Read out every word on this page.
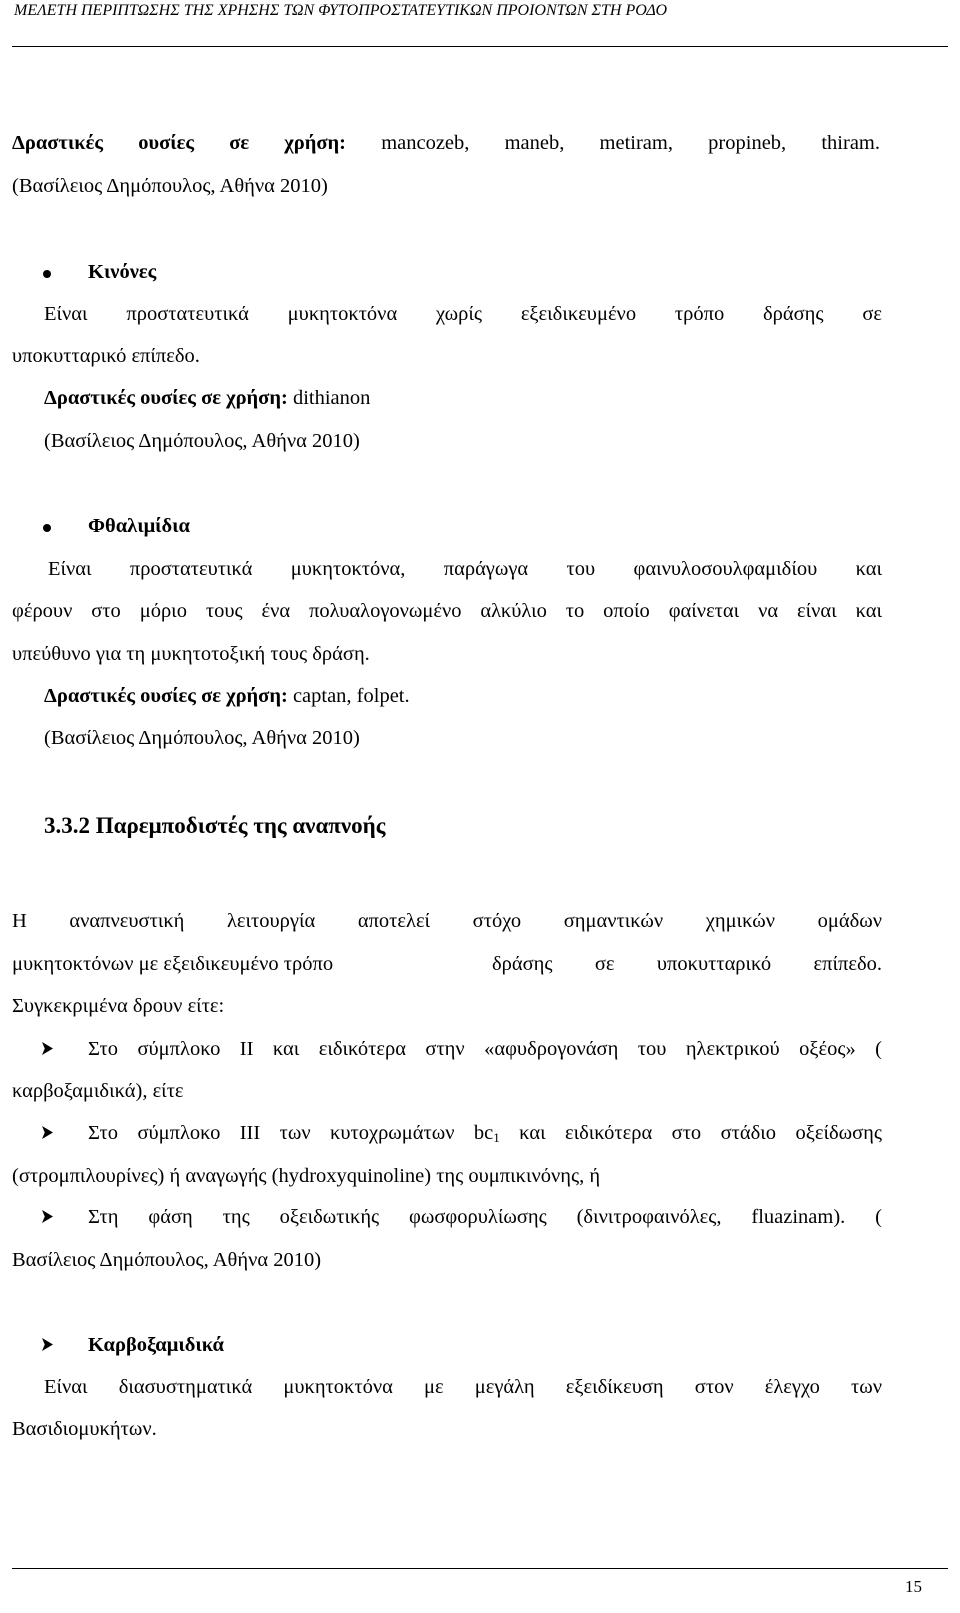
ΜΕΛΕΤΗ ΠΕΡΙΠΤΩΣΗΣ ΤΗΣ ΧΡΗΣΗΣ ΤΩΝ ΦΥΤΟΠΡΟΣΤΑΤΕΥΤΙΚΩΝ ΠΡΟΙΟΝΤΩΝ ΣΤΗ ΡΟΔΟ
Δραστικές ουσίες σε χρήση: mancozeb, maneb, metiram, propineb, thiram.
(Βασίλειος Δημόπουλος, Αθήνα 2010)
Κινόνες
Είναι προστατευτικά μυκητοκτόνα χωρίς εξειδικευμένο τρόπο δράσης σε
υποκυτταρικό επίπεδο.
Δραστικές ουσίες σε χρήση: dithianon
(Βασίλειος Δημόπουλος, Αθήνα 2010)
Φθαλιμίδια
Είναι προστατευτικά μυκητοκτόνα, παράγωγα του φαινυλοσουλφαμιδίου και
φέρουν στο μόριο τους ένα πολυαλογονωμένο αλκύλιο το οποίο φαίνεται να είναι και
υπεύθυνο για τη μυκητοτοξική τους δράση.
Δραστικές ουσίες σε χρήση: captan, folpet.
(Βασίλειος Δημόπουλος, Αθήνα 2010)
3.3.2 Παρεμποδιστές της αναπνοής
Η αναπνευστική λειτουργία αποτελεί στόχο σημαντικών χημικών ομάδων
μυκητοκτόνων με εξειδικευμένο τρόπο	δράσης σε υποκυτταρικό επίπεδο.
Συγκεκριμένα δρουν είτε:
Στο σύμπλοκο ΙΙ και ειδικότερα στην «αφυδρογονάση του ηλεκτρικού οξέος» (
καρβοξαμιδικά), είτε
Στο σύμπλοκο ΙΙΙ των κυτοχρωμάτων $bc_1$ και ειδικότερα στο στάδιο οξείδωσης
(στρομπιλουρίνες) ή αναγωγής (hydroxyquinoline) της ουμπικινόνης, ή
Στη φάση της οξειδωτικής φωσφορυλίωσης (δινιτροφαινόλες, fluazinam). (
Βασίλειος Δημόπουλος, Αθήνα 2010)
Καρβοξαμιδικά
Είναι διασυστηματικά μυκητοκτόνα με μεγάλη εξειδίκευση στον έλεγχο των
Βασιδιομυκήτων.
15
